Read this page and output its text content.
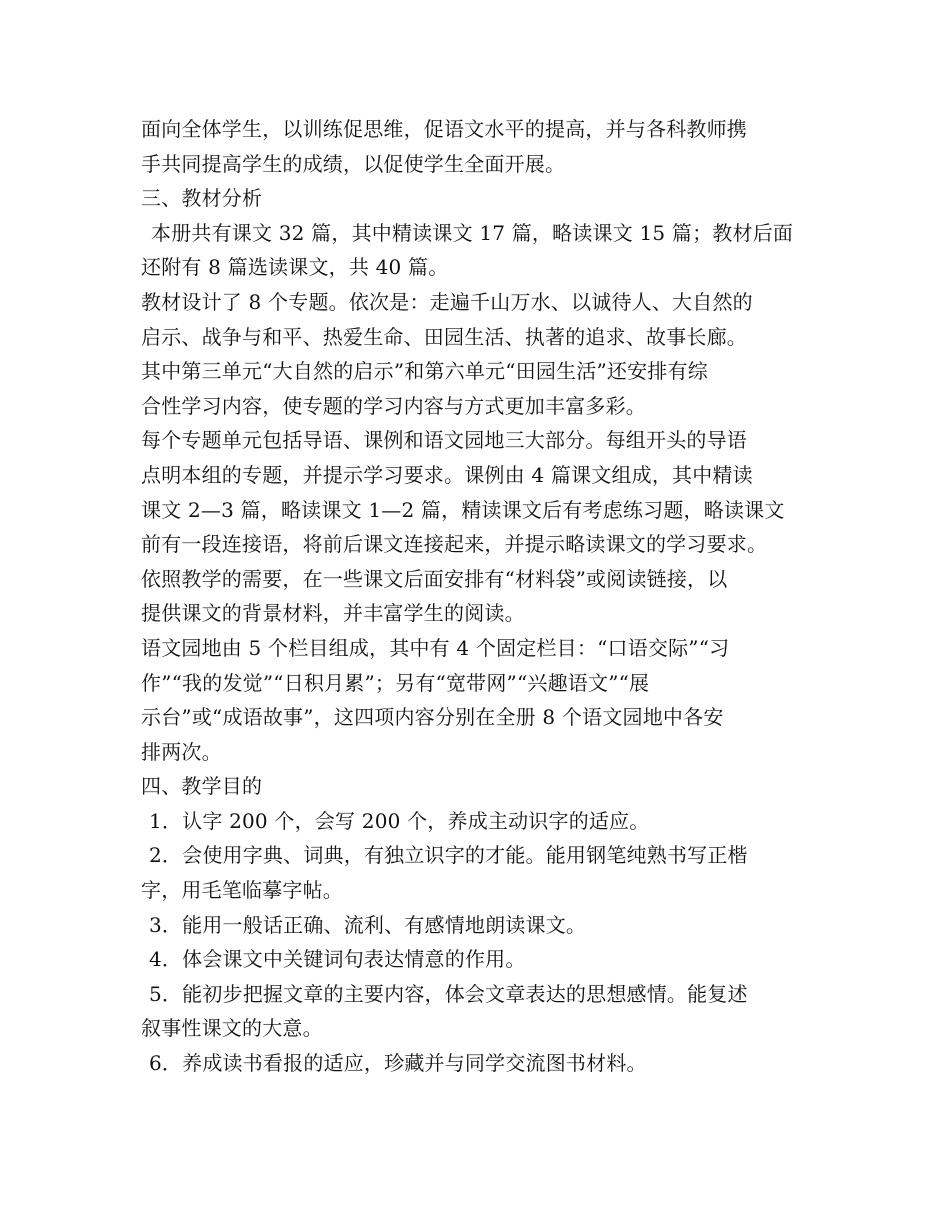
面向全体学生，以训练促思维，促语文水平的提高，并与各科教师携
手共同提高学生的成绩，以促使学生全面开展。
三、教材分析
本册共有课文 32 篇，其中精读课文 17 篇，略读课文 15 篇；教材后面
还附有 8 篇选读课文，共 40 篇。
教材设计了 8 个专题。依次是：走遍千山万水、以诚待人、大自然的
启示、战争与和平、热爱生命、田园生活、执著的追求、故事长廊。
其中第三单元“大自然的启示”和第六单元“田园生活”还安排有综
合性学习内容，使专题的学习内容与方式更加丰富多彩。
每个专题单元包括导语、课例和语文园地三大部分。每组开头的导语
点明本组的专题，并提示学习要求。课例由 4 篇课文组成，其中精读
课文 2—3 篇，略读课文 1—2 篇，精读课文后有考虑练习题，略读课文
前有一段连接语，将前后课文连接起来，并提示略读课文的学习要求。
依照教学的需要，在一些课文后面安排有“材料袋”或阅读链接，以
提供课文的背景材料，并丰富学生的阅读。
语文园地由 5 个栏目组成，其中有 4 个固定栏目：“口语交际”“习
作”“我的发觉”“日积月累”；另有“宽带网”“兴趣语文”“展
示台”或“成语故事”，这四项内容分别在全册 8 个语文园地中各安
排两次。
四、教学目的
1．认字 200 个，会写 200 个，养成主动识字的适应。
2．会使用字典、词典，有独立识字的才能。能用钢笔纯熟书写正楷
字，用毛笔临摹字帖。
3．能用一般话正确、流利、有感情地朗读课文。
4．体会课文中关键词句表达情意的作用。
5．能初步把握文章的主要内容，体会文章表达的思想感情。能复述
叙事性课文的大意。
6．养成读书看报的适应，珍藏并与同学交流图书材料。
